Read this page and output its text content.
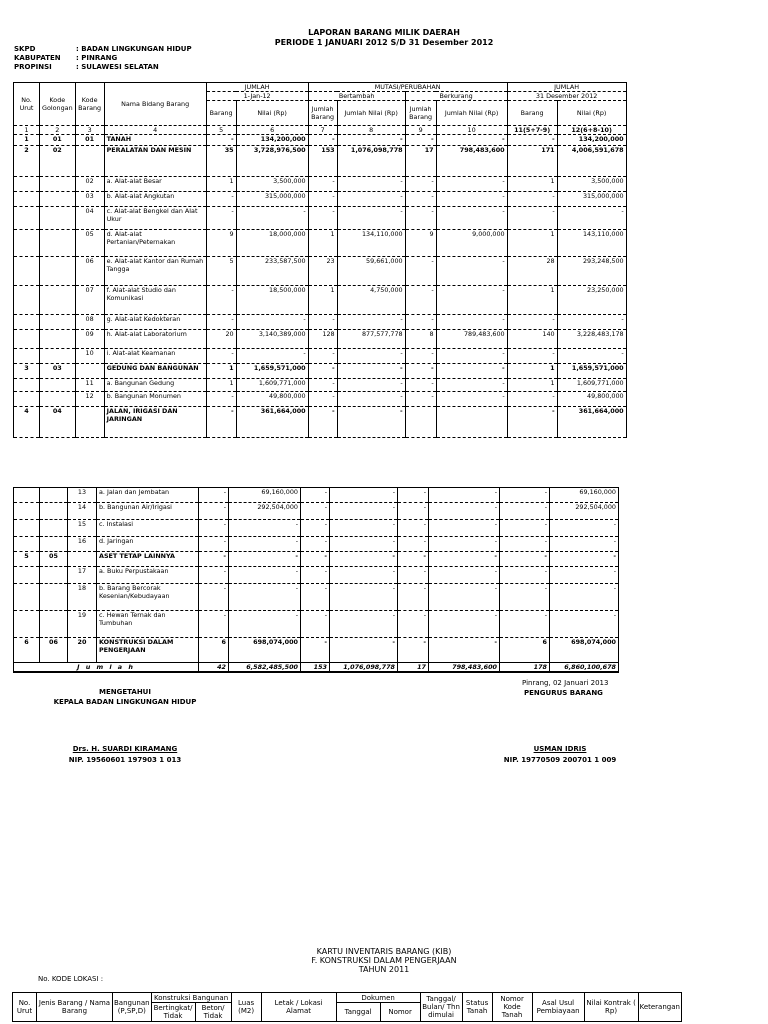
LAPORAN BARANG MILIK DAERAH
PERIODE 1 JANUARI 2012 S/D 31 Desember 2012
SKPD	: BADAN LINGKUNGAN HIDUP
KABUPATEN : PINRANG
PROPINSI	: SULAWESI SELATAN
No. Urut	Kode Golongan	Kode Barang	Nama Bidang Barang	JUMLAH		MUTASI/PERUBAHAN				JUMLAH	
				1-Jan-12		Bertambah		Berkurang		31 Desember 2012	
				Barang	Nilai (Rp)	Jumlah Barang	Jumlah Nilai (Rp)	Jumlah Barang	Jumlah Nilai (Rp)	Barang	Nilai (Rp)
1	2	3	4	5	6	7	8	9	10	11(5+7-9)	12(6+8-10)
1	01	01	TANAH	-	134,200,000	-	-	-	-	-	134,200,000
2	02		PERALATAN DAN MESIN	35	3,728,976,500	153	1,076,098,778	17	798,483,600	171	4,006,591,678
		02	a. Alat-alat Besar	1	3,500,000	-	-	-	-	1	3,500,000
		03	b. Alat-alat Angkutan	-	315,000,000	-	-	-	-	-	315,000,000
		04	c. Alat-alat Bengkel dan Alat Ukur	-	-	-	-	-	-	-	-
		05	d. Alat-alat Pertanian/Peternakan	9	18,000,000	1	134,110,000	9	9,000,000	1	143,110,000
		06	e. Alat-alat Kantor dan Rumah Tangga	5	233,587,500	23	59,661,000	-	-	28	293,248,500
		07	f. Alat-alat Studio dan Komunikasi	-	18,500,000	1	4,750,000	-	-	1	23,250,000
		08	g. Alat-alat Kedokteran	-	-	-	-	-	-	-	-
		09	h. Alat-alat Laboratorium	20	3,140,389,000	128	877,577,778	8	789,483,600	140	3,228,483,178
		10	i. Alat-alat Keamanan	-	-	-	-	-	-	-	-
3	03		GEDUNG DAN BANGUNAN	1	1,659,571,000	-	-	-	-	1	1,659,571,000
		11	a. Bangunan Gedung	1	1,609,771,000	-	-	-	-	1	1,609,771,000
		12	b. Bangunan Monumen	-	49,800,000	-	-	-	-	-	49,800,000
4	04		JALAN, IRIGASI DAN JARINGAN	-	361,664,000	-	-			-	361,664,000
		13	a. Jalan dan Jembatan	-	69,160,000	-	-	-	-	-	69,160,000
		14	b. Bangunan Air/Irigasi	-	292,504,000	-	-	-	-	-	292,504,000
		15	c. Instalasi	-	-	-	-	-	-	-	-
		16	d. Jaringan	-	-	-	-	-	-	-	-
5	05		ASET TETAP LAINNYA	-	-	-	-	-	-	-	-
		17	a. Buku Perpustakaan	-	-	-	-	-	-	-	-
		18	b. Barang Bercorak Kesenian/Kebudayaan	-	-	-	-	-	-	-	-
		19	c. Hewan Ternak dan Tumbuhan	-	-	-	-	-	-	-	-
6	06	20	KONSTRUKSI DALAM PENGERJAAN	6	698,074,000	-	-	-	-	6	698,074,000
J u m l a h				42	6,582,485,500	153	1,076,098,778	17	798,483,600	178	6,860,100,678
Pinrang, 02 Januari 2013
PENGURUS BARANG
MENGETAHUI
KEPALA BADAN LINGKUNGAN HIDUP
Drs. H. SUARDI KIRAMANG
NIP. 19560601 197903 1 013
USMAN IDRIS
NIP. 19770509 200701 1 009
KARTU INVENTARIS BARANG (KIB)
F. KONSTRUKSI DALAM PENGERJAAN
TAHUN 2011
No. KODE LOKASI :
No. Urut	Jenis Barang / Nama Barang	Bangunan (P,SP,D)	Konstruksi Bangunan		Luas (M2)	Letak / Lokasi Alamat	Dokumen		Tanggal/ Bulan/ Thn dimulai	Status Tanah	Nomor Kode Tanah	Asal Usul Pembiayaan	Nilai Kontrak ( Rp)	Keterangan
			Bertingkat/ Tidak	Beton/ Tidak			Tanggal	Nomor						
